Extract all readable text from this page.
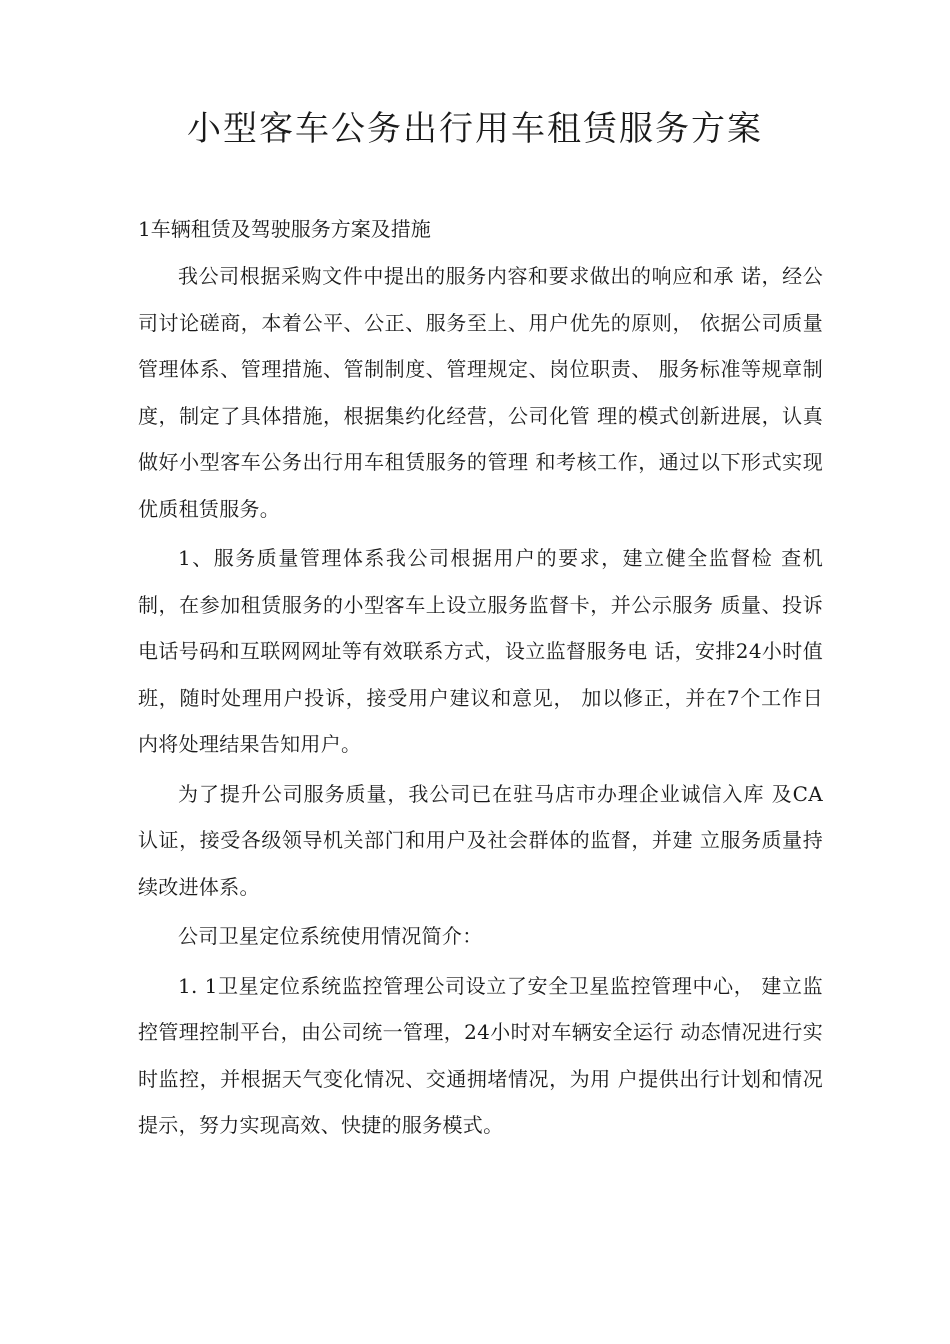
小型客车公务出行用车租赁服务方案

1车辆租赁及驾驶服务方案及措施

我公司根据采购文件中提出的服务内容和要求做出的响应和承 诺，经公司讨论磋商，本着公平、公正、服务至上、用户优先的原则， 依据公司质量管理体系、管理措施、管制制度、管理规定、岗位职责、 服务标准等规章制度，制定了具体措施，根据集约化经营，公司化管 理的模式创新进展，认真做好小型客车公务出行用车租赁服务的管理 和考核工作，通过以下形式实现优质租赁服务。

1、服务质量管理体系我公司根据用户的要求，建立健全监督检 查机制，在参加租赁服务的小型客车上设立服务监督卡，并公示服务 质量、投诉电话号码和互联网网址等有效联系方式，设立监督服务电 话，安排24小时值班，随时处理用户投诉，接受用户建议和意见， 加以修正，并在7个工作日内将处理结果告知用户。

为了提升公司服务质量，我公司已在驻马店市办理企业诚信入库 及CA认证，接受各级领导机关部门和用户及社会群体的监督，并建 立服务质量持续改进体系。

公司卫星定位系统使用情况简介：

1. 1卫星定位系统监控管理公司设立了安全卫星监控管理中心， 建立监控管理控制平台，由公司统一管理，24小时对车辆安全运行 动态情况进行实时监控，并根据天气变化情况、交通拥堵情况，为用 户提供出行计划和情况提示，努力实现高效、快捷的服务模式。
